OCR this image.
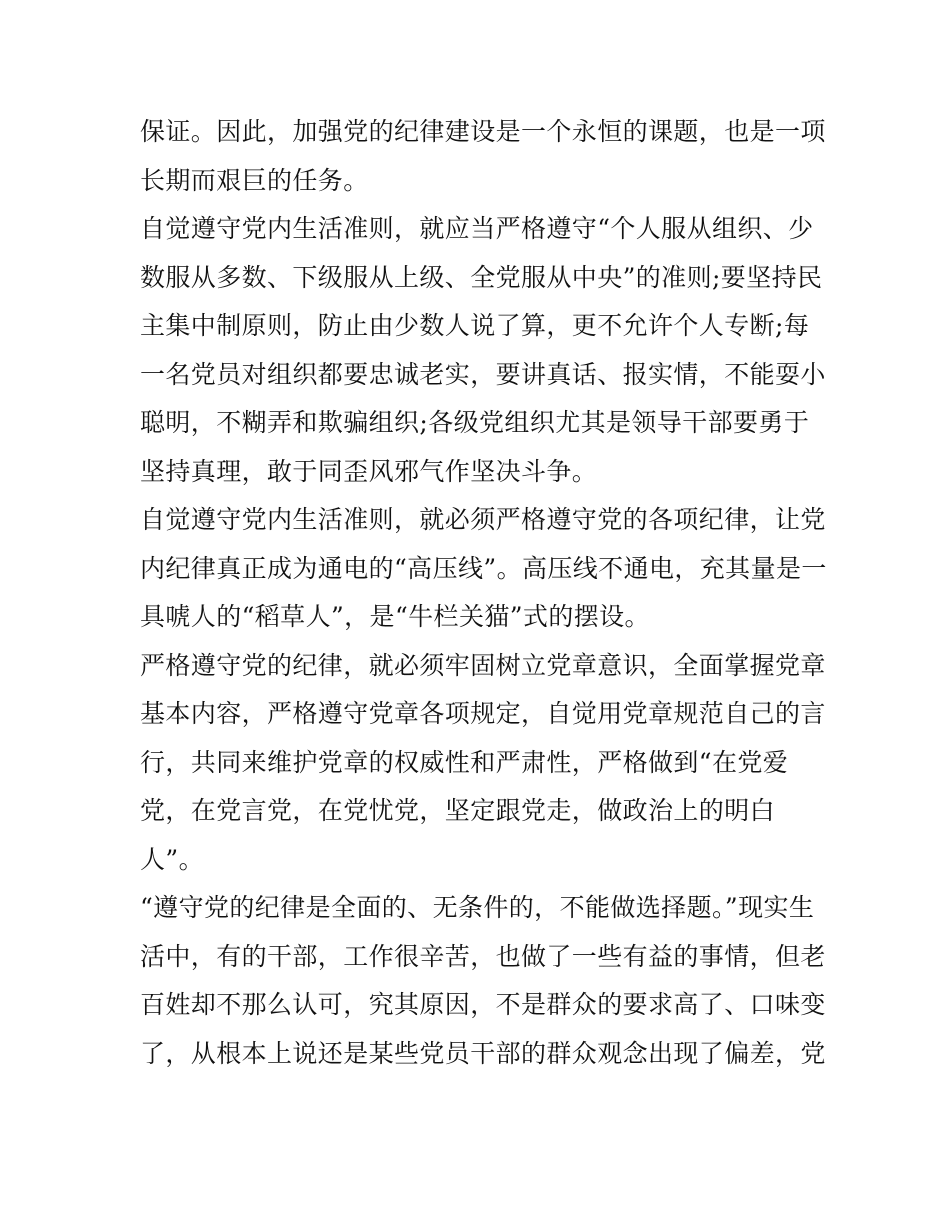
保证。因此，加强党的纪律建设是一个永恒的课题，也是一项
长期而艰巨的任务。
自觉遵守党内生活准则，就应当严格遵守“个人服从组织、少
数服从多数、下级服从上级、全党服从中央”的准则;要坚持民
主集中制原则，防止由少数人说了算，更不允许个人专断;每
一名党员对组织都要忠诚老实，要讲真话、报实情，不能耍小
聪明，不糊弄和欺骗组织;各级党组织尤其是领导干部要勇于
坚持真理，敢于同歪风邪气作坚决斗争。
自觉遵守党内生活准则，就必须严格遵守党的各项纪律，让党
内纪律真正成为通电的“高压线”。高压线不通电，充其量是一
具唬人的“稻草人”，是“牛栏关猫”式的摆设。
严格遵守党的纪律，就必须牢固树立党章意识，全面掌握党章
基本内容，严格遵守党章各项规定，自觉用党章规范自己的言
行，共同来维护党章的权威性和严肃性，严格做到“在党爱
党，在党言党，在党忧党，坚定跟党走，做政治上的明白
人”。
“遵守党的纪律是全面的、无条件的，不能做选择题。”现实生
活中，有的干部，工作很辛苦，也做了一些有益的事情，但老
百姓却不那么认可，究其原因，不是群众的要求高了、口味变
了，从根本上说还是某些党员干部的群众观念出现了偏差，党
